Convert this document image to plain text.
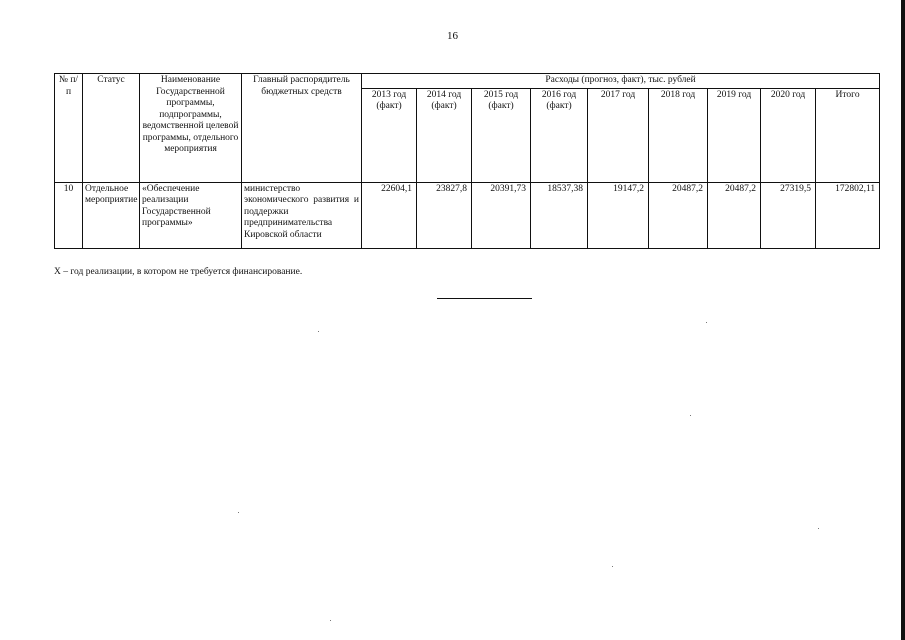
16
№ п/п	Статус	Наименование Государственной программы, подпрограммы, ведомственной целевой программы, отдельного мероприятия	Главный распорядитель бюджетных средств	Расходы (прогноз, факт), тыс. рублей								
				2013 год (факт)	2014 год (факт)	2015 год (факт)	2016 год (факт)	2017 год	2018 год	2019 год	2020 год	Итого
10	Отдельное мероприятие	«Обеспечение реализации Государственной программы»	министерство экономического развития и поддержки предпринимательства Кировской области	22604,1	23827,8	20391,73	18537,38	19147,2	20487,2	20487,2	27319,5	172802,11
X – год реализации, в котором не требуется финансирование.
